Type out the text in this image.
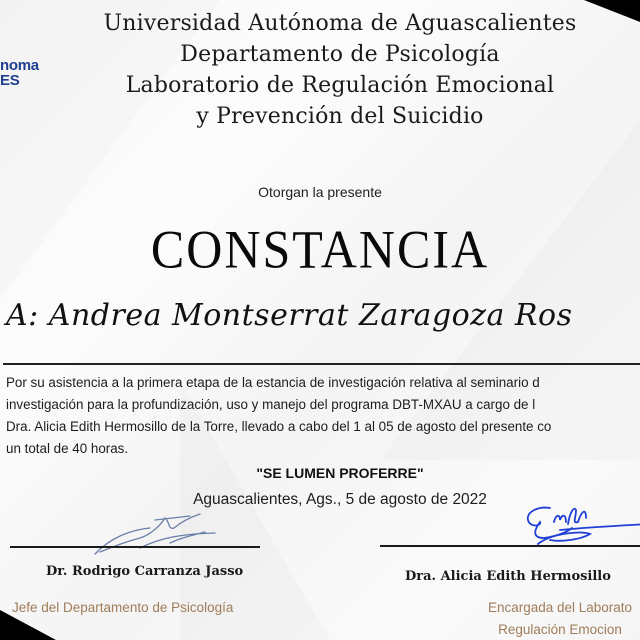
noma
ES
Universidad Autónoma de Aguascalientes
Departamento de Psicología
Laboratorio de Regulación Emocional
y Prevención del Suicidio
Otorgan la presente
CONSTANCIA
A: Andrea Montserrat Zaragoza Ros
Por su asistencia a la primera etapa de la estancia de investigación relativa al seminario d
investigación para la profundización, uso y manejo del programa DBT-MXAU a cargo de l
Dra. Alicia Edith Hermosillo de la Torre, llevado a cabo del 1 al 05 de agosto del presente co
un total de 40 horas.
"SE LUMEN PROFERRE"
Aguascalientes, Ags., 5 de agosto de 2022
Dr. Rodrigo Carranza Jasso	Dra. Alicia Edith Hermosillo
Jefe del Departamento de Psicología	Encargada del Laborato
Regulación Emocion
